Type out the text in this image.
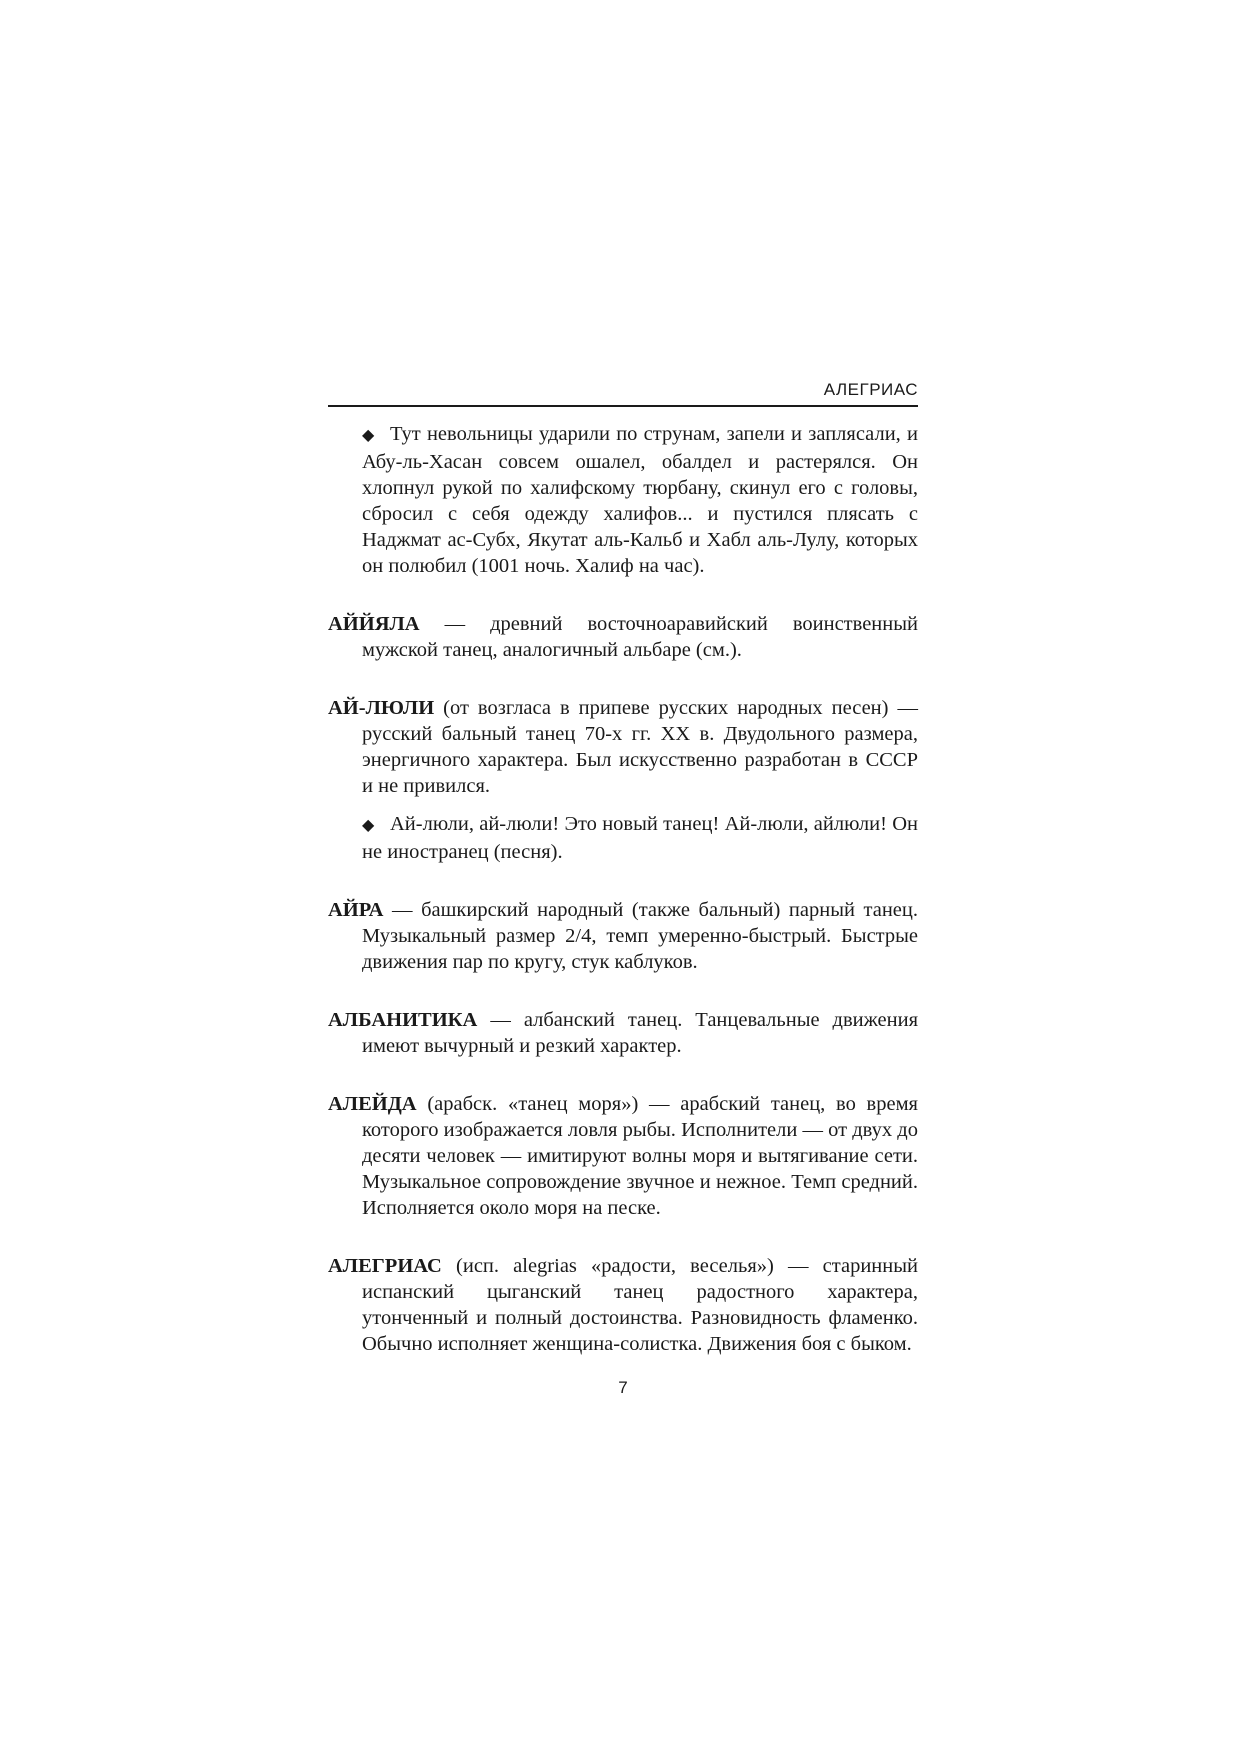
АЛЕГРИАС

◆ Тут невольницы ударили по струнам, запели и заплясали, и Абу-ль-Хасан совсем ошалел, обалдел и растерялся. Он хлопнул рукой по халифскому тюрбану, скинул его с головы, сбросил с себя одежду халифов... и пустился плясать с Наджмат ас-Субх, Якутат аль-Кальб и Хабл аль-Лулу, которых он полюбил (1001 ночь. Халиф на час).

АЙЙЯЛА — древний восточноаравийский воинственный мужской танец, аналогичный альбаре (см.).

АЙ-ЛЮЛИ (от возгласа в припеве русских народных песен) — русский бальный танец 70-х гг. XX в. Двудольного размера, энергичного характера. Был искусственно разработан в СССР и не привился.

◆ Ай-люли, ай-люли! Это новый танец! Ай-люли, айлюли! Он не иностранец (песня).

АЙРА — башкирский народный (также бальный) парный танец. Музыкальный размер 2/4, темп умеренно-быстрый. Быстрые движения пар по кругу, стук каблуков.

АЛБАНИТИКА — албанский танец. Танцевальные движения имеют вычурный и резкий характер.

АЛЕЙДА (арабск. «танец моря») — арабский танец, во время которого изображается ловля рыбы. Исполнители — от двух до десяти человек — имитируют волны моря и вытягивание сети. Музыкальное сопровождение звучное и нежное. Темп средний. Исполняется около моря на песке.

АЛЕГРИАС (исп. alegrias «радости, веселья») — старинный испанский цыганский танец радостного характера, утонченный и полный достоинства. Разновидность фламенко. Обычно исполняет женщина-солистка. Движения боя с быком.

7
